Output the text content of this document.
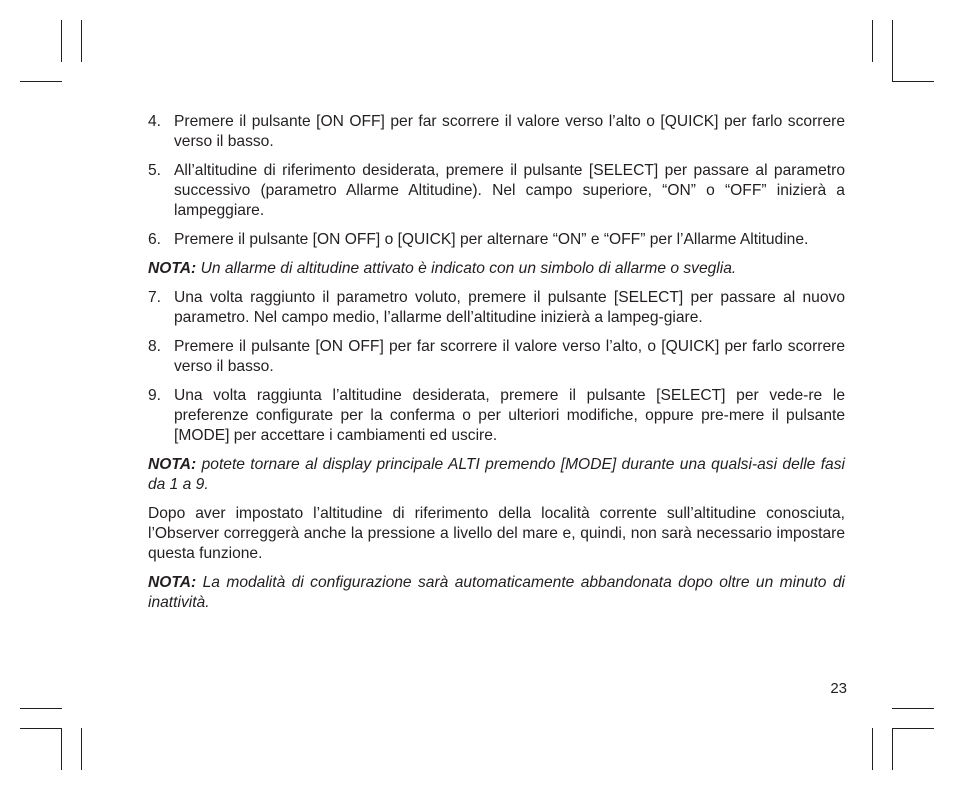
4. Premere il pulsante [ON OFF] per far scorrere il valore verso l’alto o [QUICK] per farlo scorrere verso il basso.
5. All’altitudine di riferimento desiderata, premere il pulsante [SELECT] per passare al parametro successivo (parametro Allarme Altitudine). Nel campo superiore, “ON” o “OFF” inizierà a lampeggiare.
6. Premere il pulsante [ON OFF] o [QUICK] per alternare “ON” e “OFF” per l’Allarme Altitudine.
NOTA: Un allarme di altitudine attivato è indicato con un simbolo di allarme o sveglia.
7. Una volta raggiunto il parametro voluto, premere il pulsante [SELECT] per passare al nuovo parametro. Nel campo medio, l’allarme dell’altitudine inizierà a lampeg-giare.
8. Premere il pulsante [ON OFF] per far scorrere il valore verso l’alto, o [QUICK] per farlo scorrere verso il basso.
9. Una volta raggiunta l’altitudine desiderata, premere il pulsante [SELECT] per vede-re le preferenze configurate per la conferma o per ulteriori modifiche, oppure pre-mere il pulsante [MODE] per accettare i cambiamenti ed uscire.
NOTA: potete tornare al display principale ALTI premendo [MODE] durante una qualsi-asi delle fasi da 1 a 9.
Dopo aver impostato l’altitudine di riferimento della località corrente sull’altitudine conosciuta, l’Observer correggerà anche la pressione a livello del mare e, quindi, non sarà necessario impostare questa funzione.
NOTA: La modalità di configurazione sarà automaticamente abbandonata dopo oltre un minuto di inattività.
23
